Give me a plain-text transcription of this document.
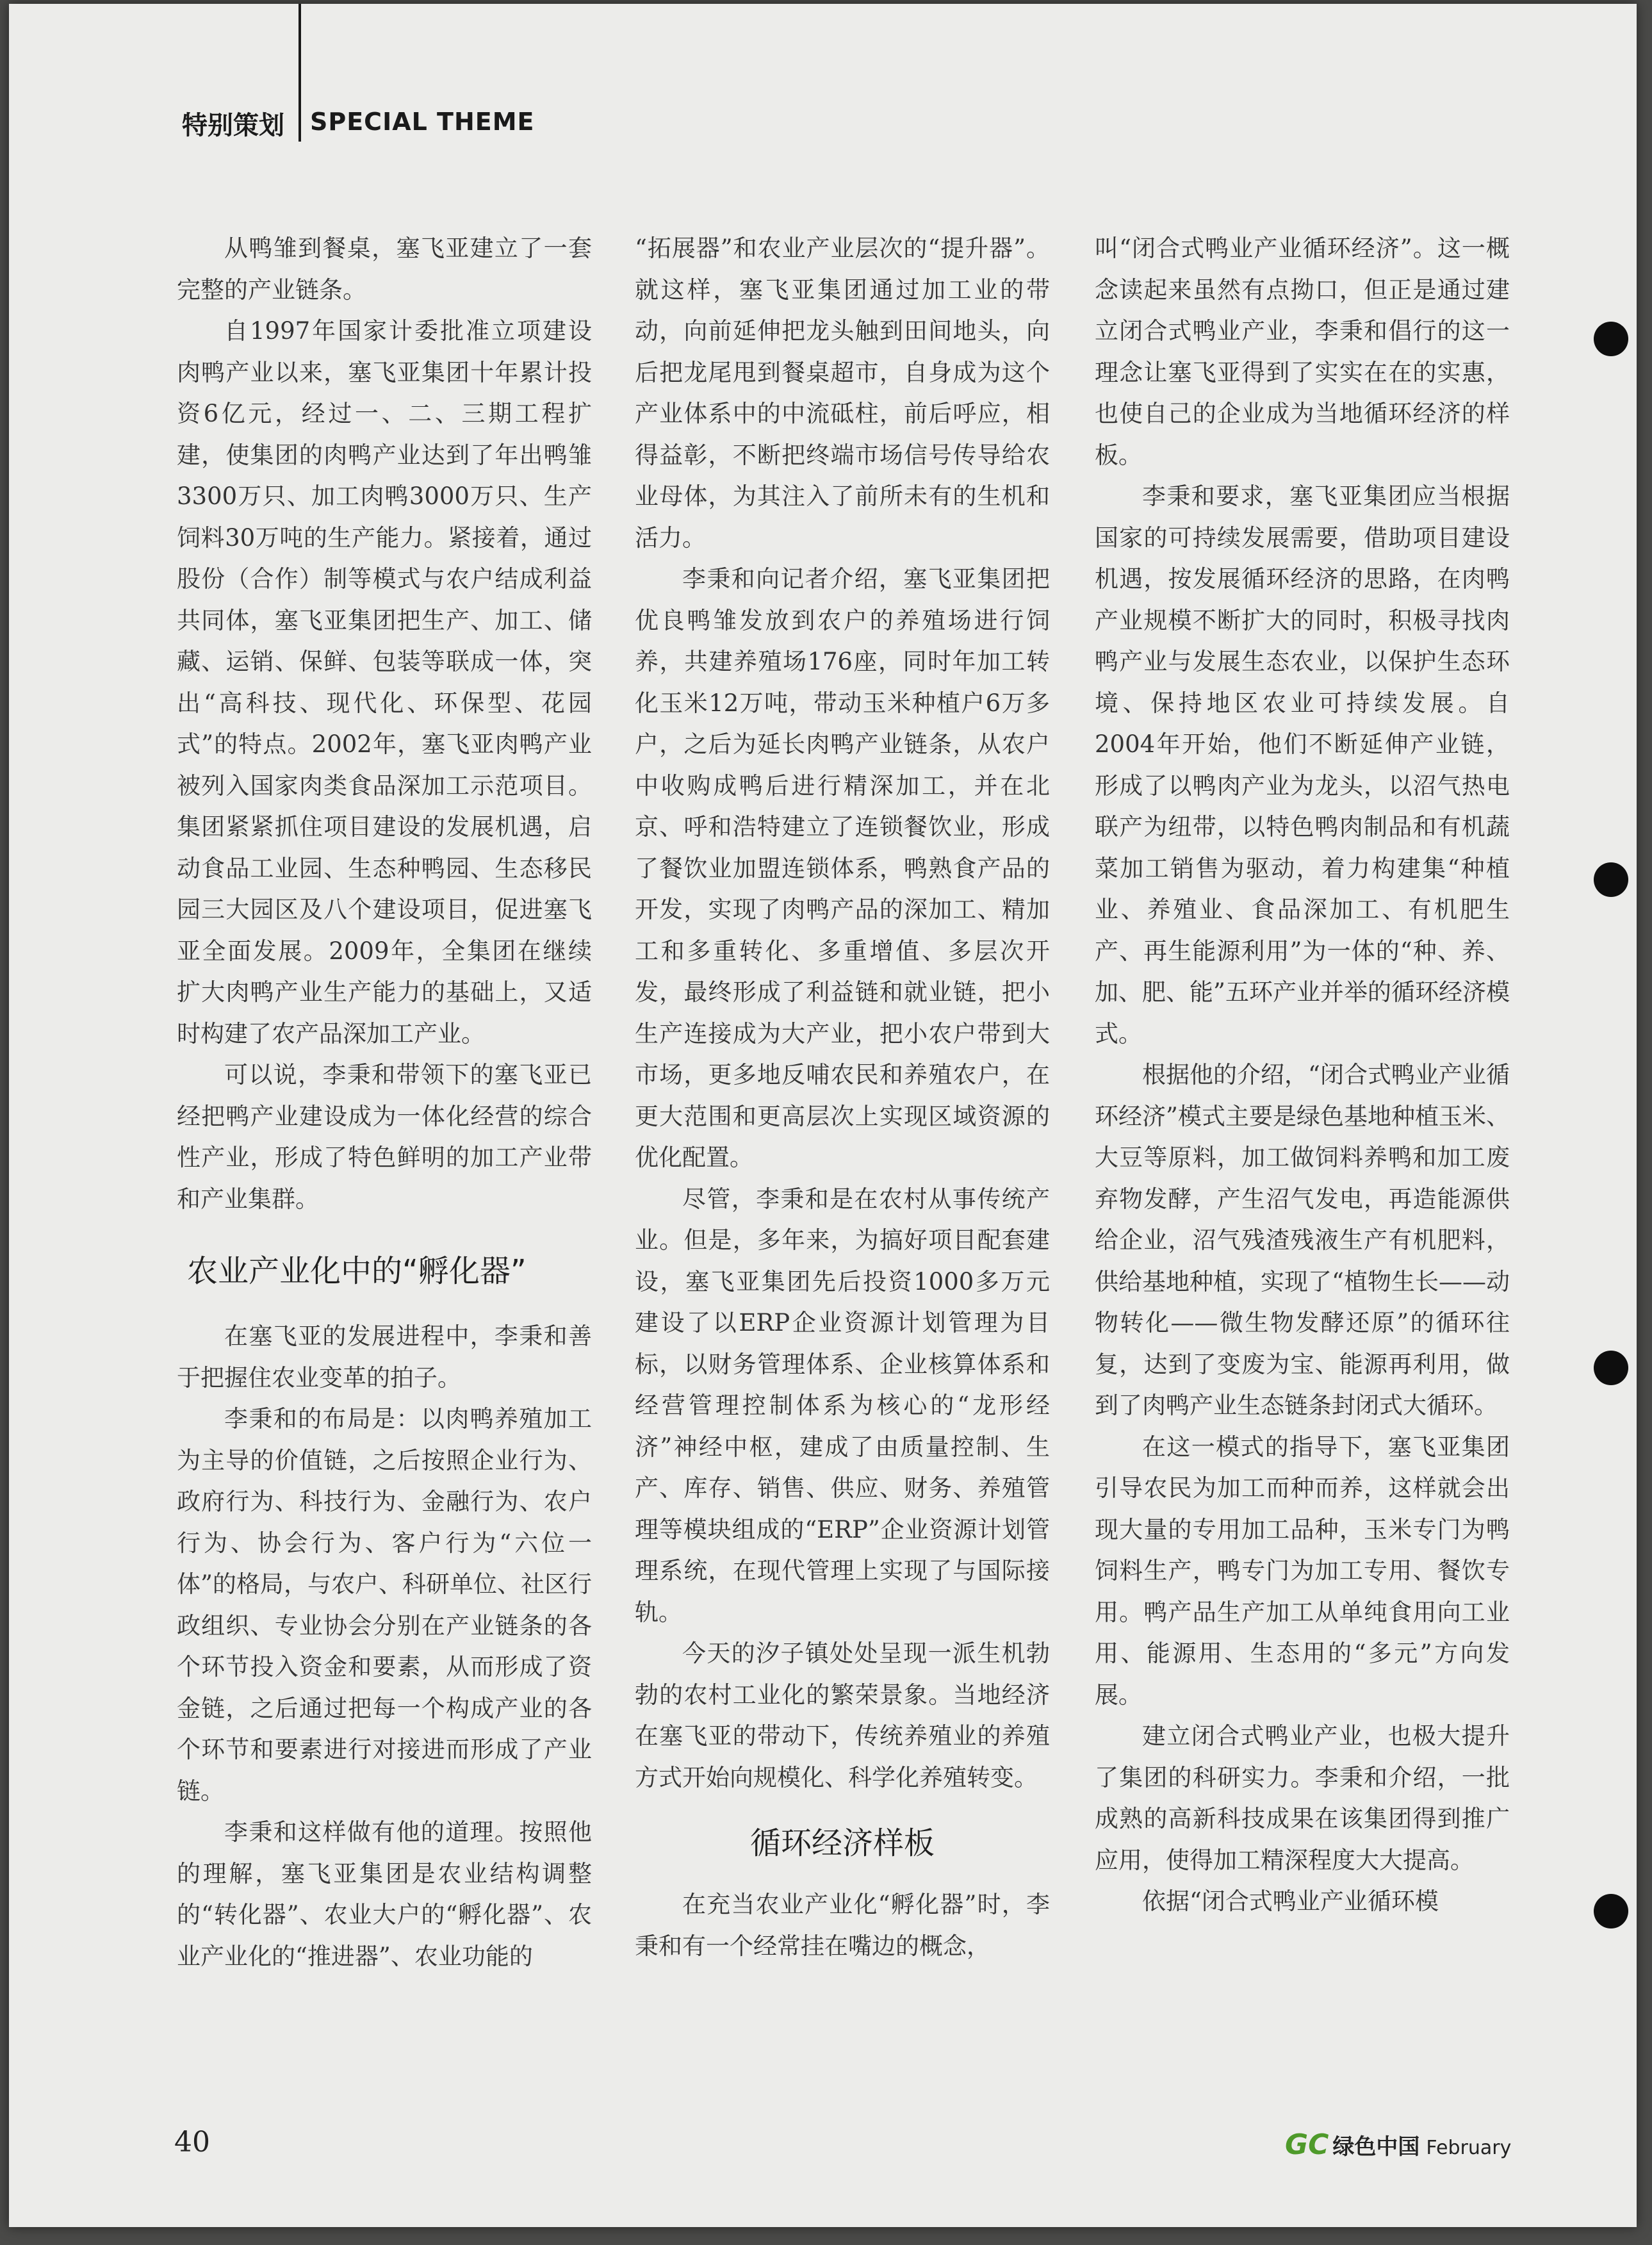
特别策划 SPECIAL THEME

从鸭雏到餐桌，塞飞亚建立了一套完整的产业链条。

自1997年国家计委批准立项建设肉鸭产业以来，塞飞亚集团十年累计投资6亿元，经过一、二、三期工程扩建，使集团的肉鸭产业达到了年出鸭雏3300万只、加工肉鸭3000万只、生产饲料30万吨的生产能力。紧接着，通过股份（合作）制等模式与农户结成利益共同体，塞飞亚集团把生产、加工、储藏、运销、保鲜、包装等联成一体，突出“高科技、现代化、环保型、花园式”的特点。2002年，塞飞亚肉鸭产业被列入国家肉类食品深加工示范项目。集团紧紧抓住项目建设的发展机遇，启动食品工业园、生态种鸭园、生态移民园三大园区及八个建设项目，促进塞飞亚全面发展。2009年，全集团在继续扩大肉鸭产业生产能力的基础上，又适时构建了农产品深加工产业。

可以说，李秉和带领下的塞飞亚已经把鸭产业建设成为一体化经营的综合性产业，形成了特色鲜明的加工产业带和产业集群。

农业产业化中的“孵化器”

在塞飞亚的发展进程中，李秉和善于把握住农业变革的拍子。

李秉和的布局是：以肉鸭养殖加工为主导的价值链，之后按照企业行为、政府行为、科技行为、金融行为、农户行为、协会行为、客户行为“六位一体”的格局，与农户、科研单位、社区行政组织、专业协会分别在产业链条的各个环节投入资金和要素，从而形成了资金链，之后通过把每一个构成产业的各个环节和要素进行对接进而形成了产业链。

李秉和这样做有他的道理。按照他的理解，塞飞亚集团是农业结构调整的“转化器”、农业大户的“孵化器”、农业产业化的“推进器”、农业功能的

“拓展器”和农业产业层次的“提升器”。就这样，塞飞亚集团通过加工业的带动，向前延伸把龙头触到田间地头，向后把龙尾甩到餐桌超市，自身成为这个产业体系中的中流砥柱，前后呼应，相得益彰，不断把终端市场信号传导给农业母体，为其注入了前所未有的生机和活力。

李秉和向记者介绍，塞飞亚集团把优良鸭雏发放到农户的养殖场进行饲养，共建养殖场176座，同时年加工转化玉米12万吨，带动玉米种植户6万多户，之后为延长肉鸭产业链条，从农户中收购成鸭后进行精深加工，并在北京、呼和浩特建立了连锁餐饮业，形成了餐饮业加盟连锁体系，鸭熟食产品的开发，实现了肉鸭产品的深加工、精加工和多重转化、多重增值、多层次开发，最终形成了利益链和就业链，把小生产连接成为大产业，把小农户带到大市场，更多地反哺农民和养殖农户，在更大范围和更高层次上实现区域资源的优化配置。

尽管，李秉和是在农村从事传统产业。但是，多年来，为搞好项目配套建设，塞飞亚集团先后投资1000多万元建设了以ERP企业资源计划管理为目标，以财务管理体系、企业核算体系和经营管理控制体系为核心的“龙形经济”神经中枢，建成了由质量控制、生产、库存、销售、供应、财务、养殖管理等模块组成的“ERP”企业资源计划管理系统，在现代管理上实现了与国际接轨。

今天的汐子镇处处呈现一派生机勃勃的农村工业化的繁荣景象。当地经济在塞飞亚的带动下，传统养殖业的养殖方式开始向规模化、科学化养殖转变。

循环经济样板

在充当农业产业化“孵化器”时，李秉和有一个经常挂在嘴边的概念，

叫“闭合式鸭业产业循环经济”。这一概念读起来虽然有点拗口，但正是通过建立闭合式鸭业产业，李秉和倡行的这一理念让塞飞亚得到了实实在在的实惠，也使自己的企业成为当地循环经济的样板。

李秉和要求，塞飞亚集团应当根据国家的可持续发展需要，借助项目建设机遇，按发展循环经济的思路，在肉鸭产业规模不断扩大的同时，积极寻找肉鸭产业与发展生态农业，以保护生态环境、保持地区农业可持续发展。自2004年开始，他们不断延伸产业链，形成了以鸭肉产业为龙头，以沼气热电联产为纽带，以特色鸭肉制品和有机蔬菜加工销售为驱动，着力构建集“种植业、养殖业、食品深加工、有机肥生产、再生能源利用”为一体的“种、养、加、肥、能”五环产业并举的循环经济模式。

根据他的介绍，“闭合式鸭业产业循环经济”模式主要是绿色基地种植玉米、大豆等原料，加工做饲料养鸭和加工废弃物发酵，产生沼气发电，再造能源供给企业，沼气残渣残液生产有机肥料，供给基地种植，实现了“植物生长——动物转化——微生物发酵还原”的循环往复，达到了变废为宝、能源再利用，做到了肉鸭产业生态链条封闭式大循环。

在这一模式的指导下，塞飞亚集团引导农民为加工而种而养，这样就会出现大量的专用加工品种，玉米专门为鸭饲料生产，鸭专门为加工专用、餐饮专用。鸭产品生产加工从单纯食用向工业用、能源用、生态用的“多元”方向发展。

建立闭合式鸭业产业，也极大提升了集团的科研实力。李秉和介绍，一批成熟的高新科技成果在该集团得到推广应用，使得加工精深程度大大提高。

依据“闭合式鸭业产业循环模

40	GC 绿色中国 February
